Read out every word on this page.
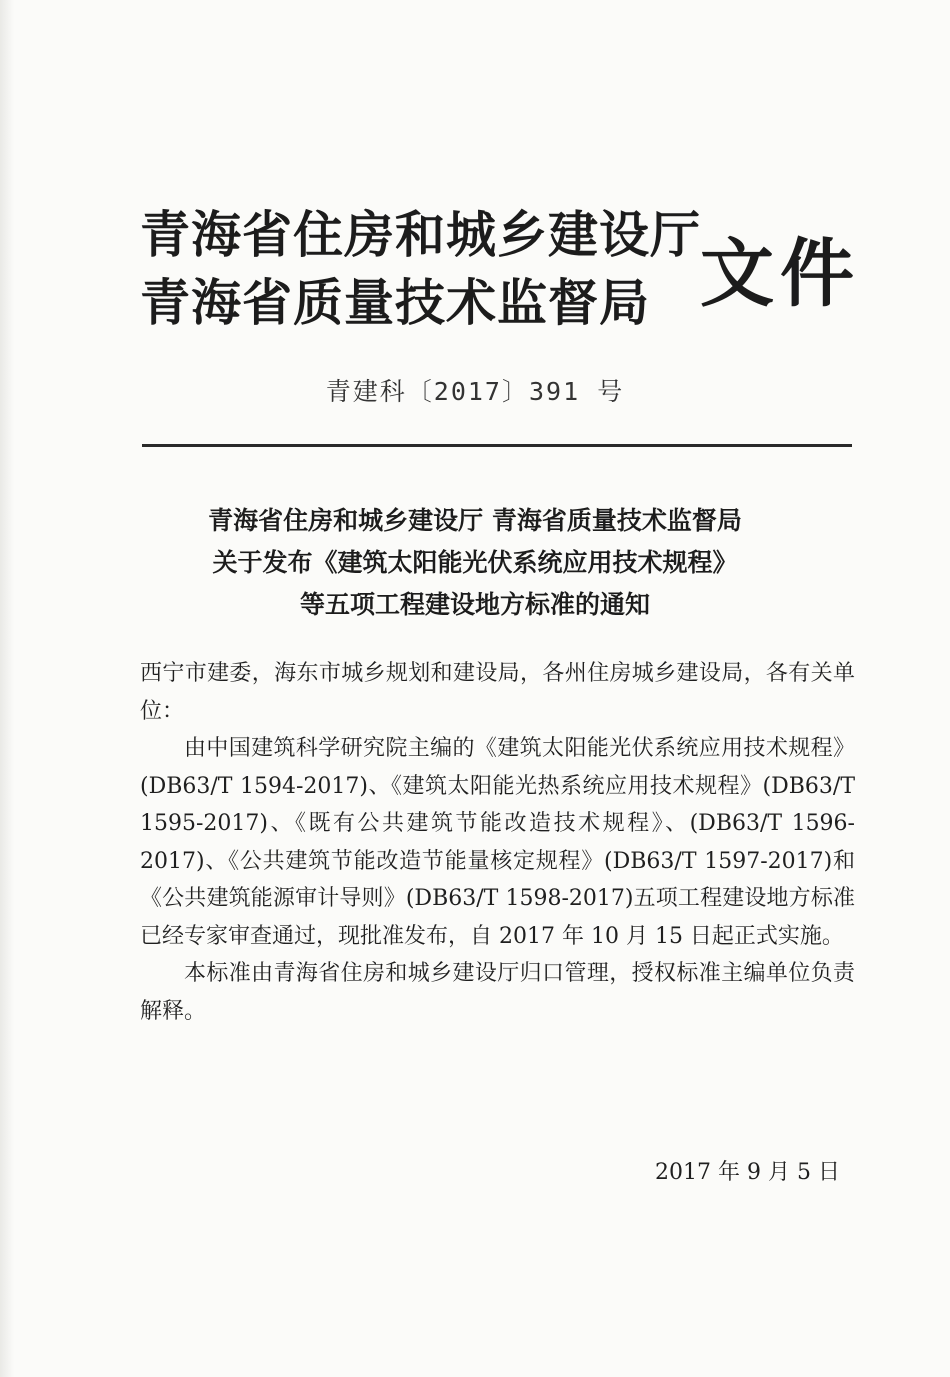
青海省住房和城乡建设厅
青海省质量技术监督局 文件
青建科〔2017〕391 号
青海省住房和城乡建设厅 青海省质量技术监督局
关于发布《建筑太阳能光伏系统应用技术规程》
等五项工程建设地方标准的通知

西宁市建委，海东市城乡规划和建设局，各州住房城乡建设局，各有关单位：

由中国建筑科学研究院主编的《建筑太阳能光伏系统应用技术规程》(DB63/T 1594-2017)、《建筑太阳能光热系统应用技术规程》(DB63/T 1595-2017)、《既有公共建筑节能改造技术规程》、(DB63/T 1596-2017)、《公共建筑节能改造节能量核定规程》(DB63/T 1597-2017)和《公共建筑能源审计导则》(DB63/T 1598-2017)五项工程建设地方标准已经专家审查通过，现批准发布，自 2017 年 10 月 15 日起正式实施。

本标准由青海省住房和城乡建设厅归口管理，授权标准主编单位负责解释。

2017 年 9 月 5 日
